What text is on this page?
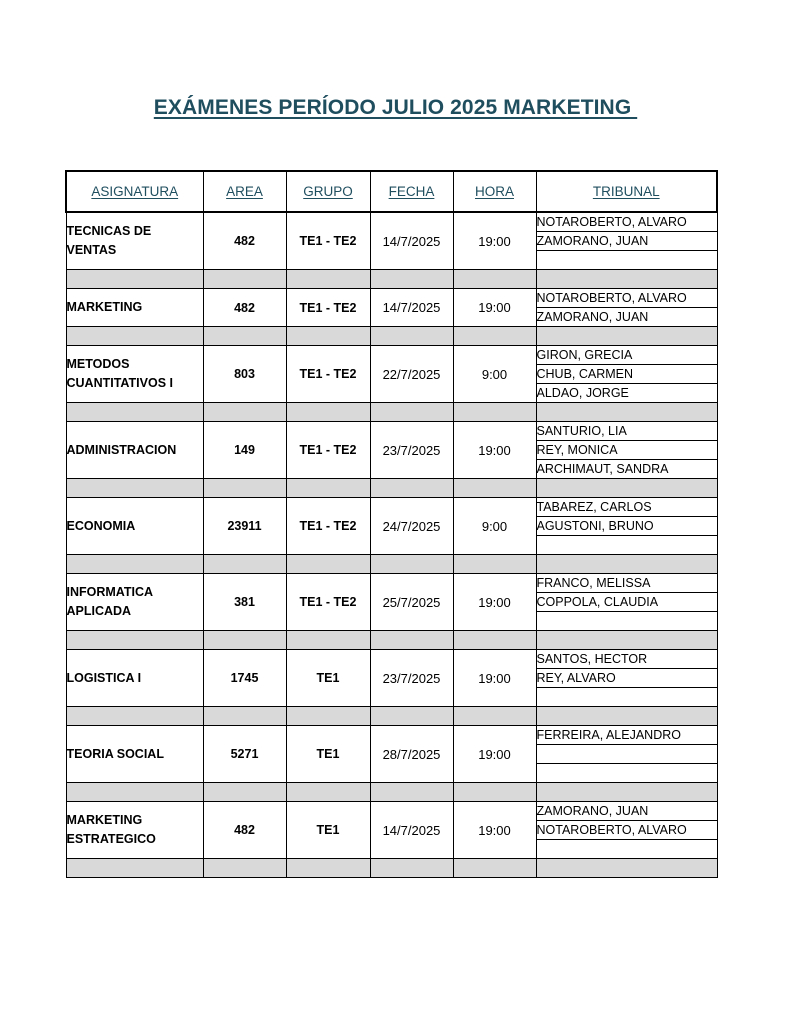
EXÁMENES PERÍODO JULIO 2025 MARKETING
ASIGNATURA	AREA	GRUPO	FECHA	HORA	TRIBUNAL
TECNICAS DE VENTAS	482	TE1 - TE2	14/7/2025	19:00	NOTAROBERTO, ALVARO
					ZAMORANO, JUAN

MARKETING	482	TE1 - TE2	14/7/2025	19:00	NOTAROBERTO, ALVARO
					ZAMORANO, JUAN

METODOS CUANTITATIVOS I	803	TE1 - TE2	22/7/2025	9:00	GIRON, GRECIA
					CHUB, CARMEN
					ALDAO, JORGE

ADMINISTRACION	149	TE1 - TE2	23/7/2025	19:00	SANTURIO, LIA
					REY, MONICA
					ARCHIMAUT, SANDRA

ECONOMIA	23911	TE1 - TE2	24/7/2025	9:00	TABAREZ, CARLOS
					AGUSTONI, BRUNO

INFORMATICA APLICADA	381	TE1 - TE2	25/7/2025	19:00	FRANCO, MELISSA
					COPPOLA, CLAUDIA

LOGISTICA I	1745	TE1	23/7/2025	19:00	SANTOS, HECTOR
					REY, ALVARO

TEORIA SOCIAL	5271	TE1	28/7/2025	19:00	FERREIRA, ALEJANDRO

MARKETING ESTRATEGICO	482	TE1	14/7/2025	19:00	ZAMORANO, JUAN
					NOTAROBERTO, ALVARO
